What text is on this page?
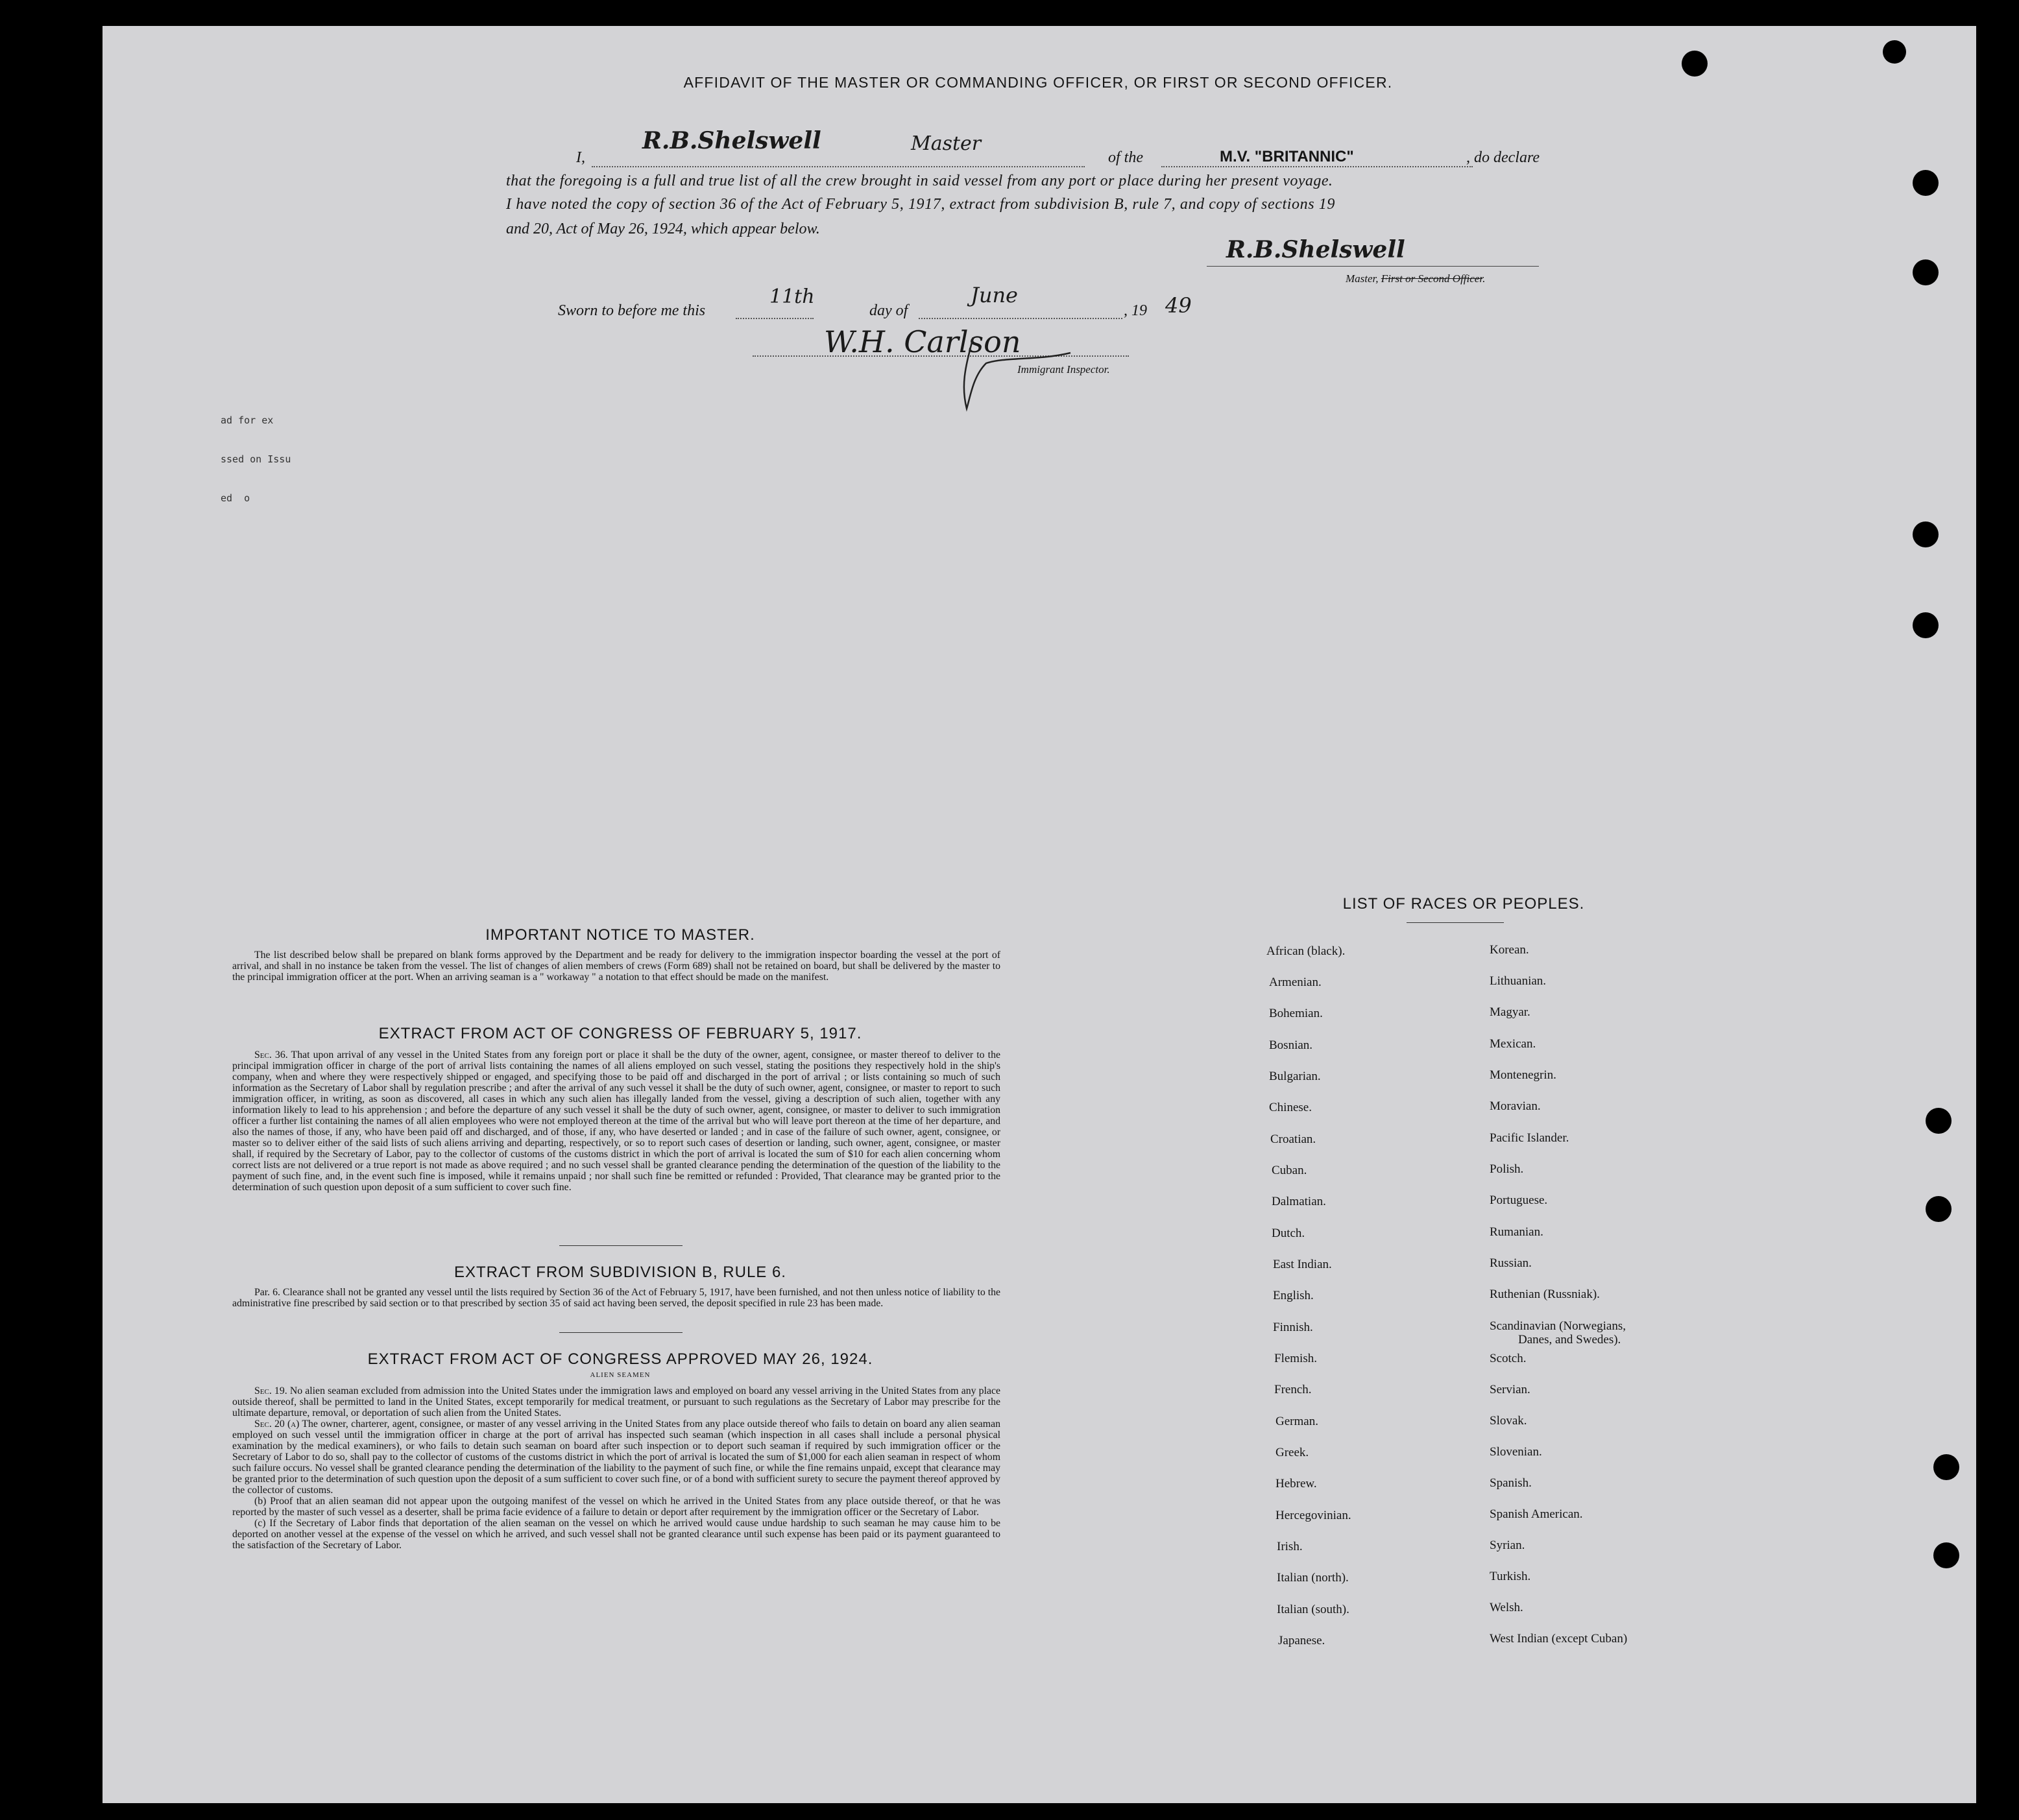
ad for ex

ssed on Issu

ed  o

AFFIDAVIT OF THE MASTER OR COMMANDING OFFICER, OR FIRST OR SECOND OFFICER.
I,
R.B.Shelswell	Master
of the	M.V. "BRITANNIC"	, do declare
that the foregoing is a full and true list of all the crew brought in said vessel from any port or place during her present voyage.
I have noted the copy of section 36 of the Act of February 5, 1917, extract from subdivision B, rule 7, and copy of sections 19
and 20, Act of May 26, 1924, which appear below.
R.B.Shelswell
Master, First or Second Officer.
Sworn to before me this
11th
day of
June
, 19 49
W.H. Carlson
Immigrant Inspector.
IMPORTANT NOTICE TO MASTER.
The list described below shall be prepared on blank forms approved by the Department and be ready for delivery to the immigration inspector boarding the vessel at the port of arrival, and shall in no instance be taken from the vessel. The list of changes of alien members of crews (Form 689) shall not be retained on board, but shall be delivered by the master to the principal immigration officer at the port. When an arriving seaman is a " workaway " a notation to that effect should be made on the manifest.
EXTRACT FROM ACT OF CONGRESS OF FEBRUARY 5, 1917.
Sec. 36. That upon arrival of any vessel in the United States from any foreign port or place it shall be the duty of the owner, agent, consignee, or master thereof to deliver to the principal immigration officer in charge of the port of arrival lists containing the names of all aliens employed on such vessel, stating the positions they respectively hold in the ship's company, when and where they were respectively shipped or engaged, and specifying those to be paid off and discharged in the port of arrival ; or lists containing so much of such information as the Secretary of Labor shall by regulation prescribe ; and after the arrival of any such vessel it shall be the duty of such owner, agent, consignee, or master to report to such immigration officer, in writing, as soon as discovered, all cases in which any such alien has illegally landed from the vessel, giving a description of such alien, together with any information likely to lead to his apprehension ; and before the departure of any such vessel it shall be the duty of such owner, agent, consignee, or master to deliver to such immigration officer a further list containing the names of all alien employees who were not employed thereon at the time of the arrival but who will leave port thereon at the time of her departure, and also the names of those, if any, who have been paid off and discharged, and of those, if any, who have deserted or landed ; and in case of the failure of such owner, agent, consignee, or master so to deliver either of the said lists of such aliens arriving and departing, respectively, or so to report such cases of desertion or landing, such owner, agent, consignee, or master shall, if required by the Secretary of Labor, pay to the collector of customs of the customs district in which the port of arrival is located the sum of $10 for each alien concerning whom correct lists are not delivered or a true report is not made as above required ; and no such vessel shall be granted clearance pending the determination of the question of the liability to the payment of such fine, and, in the event such fine is imposed, while it remains unpaid ; nor shall such fine be remitted or refunded : Provided, That clearance may be granted prior to the determination of such question upon deposit of a sum sufficient to cover such fine.
EXTRACT FROM SUBDIVISION B, RULE 6.
Par. 6. Clearance shall not be granted any vessel until the lists required by Section 36 of the Act of February 5, 1917, have been furnished, and not then unless notice of liability to the administrative fine prescribed by said section or to that prescribed by section 35 of said act having been served, the deposit specified in rule 23 has been made.
EXTRACT FROM ACT OF CONGRESS APPROVED MAY 26, 1924.
ALIEN SEAMEN
Sec. 19. No alien seaman excluded from admission into the United States under the immigration laws and employed on board any vessel arriving in the United States from any place outside thereof, shall be permitted to land in the United States, except temporarily for medical treatment, or pursuant to such regulations as the Secretary of Labor may prescribe for the ultimate departure, removal, or deportation of such alien from the United States.
Sec. 20 (a) The owner, charterer, agent, consignee, or master of any vessel arriving in the United States from any place outside thereof who fails to detain on board any alien seaman employed on such vessel until the immigration officer in charge at the port of arrival has inspected such seaman (which inspection in all cases shall include a personal physical examination by the medical examiners), or who fails to detain such seaman on board after such inspection or to deport such seaman if required by such immigration officer or the Secretary of Labor to do so, shall pay to the collector of customs of the customs district in which the port of arrival is located the sum of $1,000 for each alien seaman in respect of whom such failure occurs. No vessel shall be granted clearance pending the determination of the liability to the payment of such fine, or while the fine remains unpaid, except that clearance may be granted prior to the determination of such question upon the deposit of a sum sufficient to cover such fine, or of a bond with sufficient surety to secure the payment thereof approved by the collector of customs.
(b) Proof that an alien seaman did not appear upon the outgoing manifest of the vessel on which he arrived in the United States from any place outside thereof, or that he was reported by the master of such vessel as a deserter, shall be prima facie evidence of a failure to detain or deport after requirement by the immigration officer or the Secretary of Labor.
(c) If the Secretary of Labor finds that deportation of the alien seaman on the vessel on which he arrived would cause undue hardship to such seaman he may cause him to be deported on another vessel at the expense of the vessel on which he arrived, and such vessel shall not be granted clearance until such expense has been paid or its payment guaranteed to the satisfaction of the Secretary of Labor.
LIST OF RACES OR PEOPLES.
African (black).
Armenian.
Bohemian.
Bosnian.
Bulgarian.
Chinese.
Croatian.
Cuban.
Dalmatian.
Dutch.
East Indian.
English.
Finnish.
Flemish.
French.
German.
Greek.
Hebrew.
Hercegovinian.
Irish.
Italian (north).
Italian (south).
Japanese.
Korean.
Lithuanian.
Magyar.
Mexican.
Montenegrin.
Moravian.
Pacific Islander.
Polish.
Portuguese.
Rumanian.
Russian.
Ruthenian (Russniak).
Scandinavian (Norwegians,
Danes, and Swedes).
Scotch.
Servian.
Slovak.
Slovenian.
Spanish.
Spanish American.
Syrian.
Turkish.
Welsh.
West Indian (except Cuban)
